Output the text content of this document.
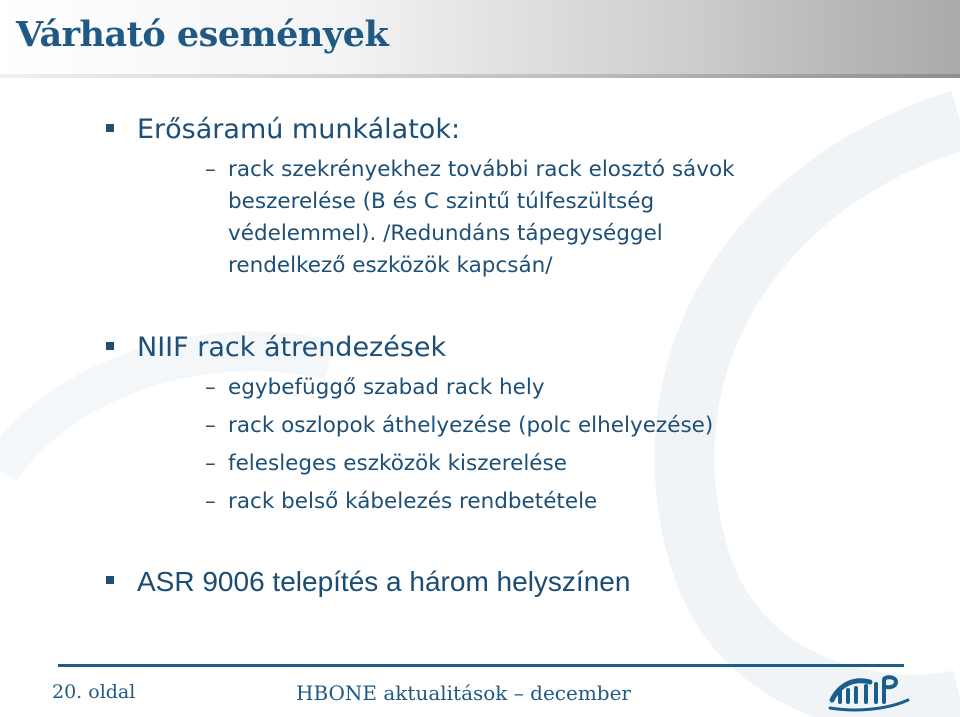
Várható események
Erősáramú munkálatok:
– rack szekrényekhez további rack elosztó sávok
beszerelése (B és C szintű túlfeszültség
védelemmel). /Redundáns tápegységgel
rendelkező eszközök kapcsán/
NIIF rack átrendezések
– egybefüggő szabad rack hely
– rack oszlopok áthelyezése (polc elhelyezése)
– felesleges eszközök kiszerelése
– rack belső kábelezés rendbetétele
ASR 9006 telepítés a három helyszínen
20. oldal	HBONE aktualitások – december
